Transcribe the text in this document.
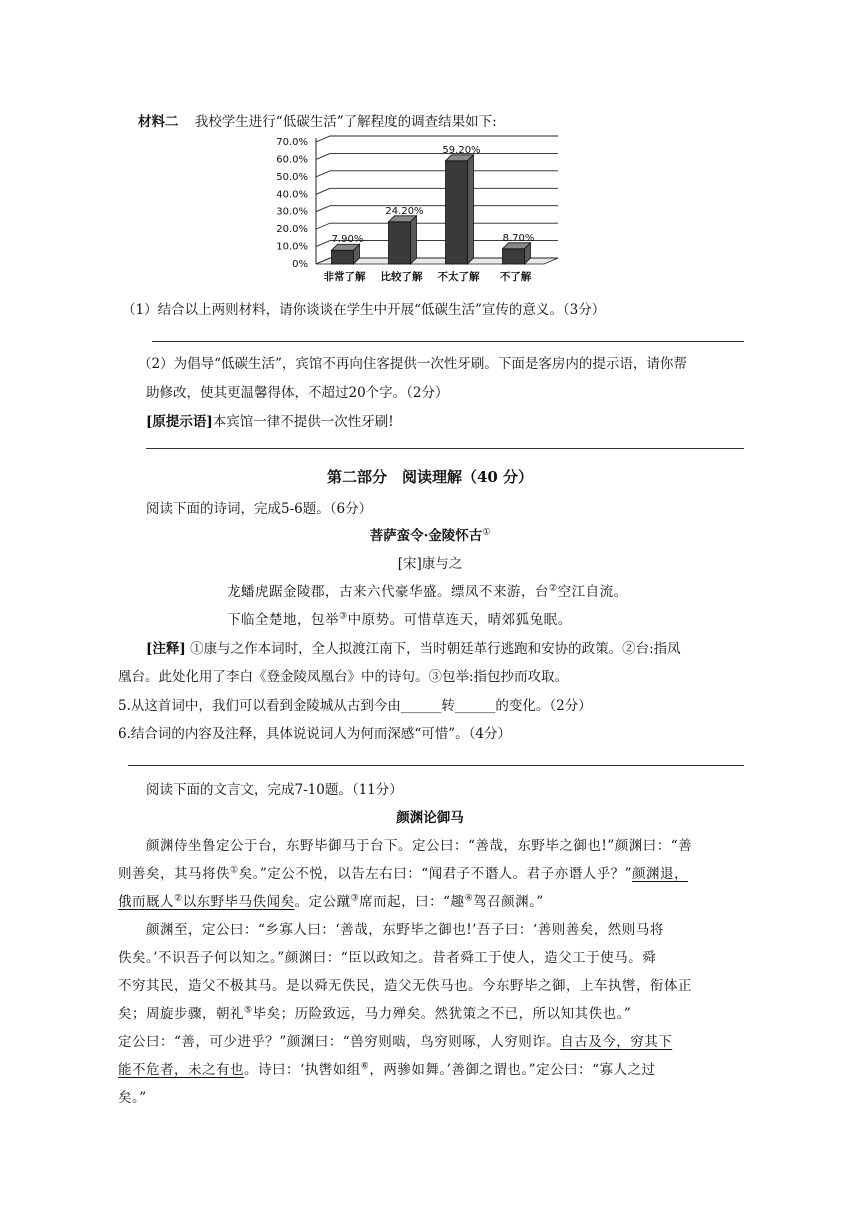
材料二 我校学生进行“低碳生活”了解程度的调查结果如下:
0%
10.0%
20.0%
30.0%
40.0%
50.0%
60.0%
70.0%
7.90%
非常了解
24.20%
比较了解
59.20%
不太了解
8.70%
不了解
（1）结合以上两则材料，请你谈谈在学生中开展“低碳生活”宣传的意义。（3分）
（2）为倡导“低碳生活”，宾馆不再向住客提供一次性牙刷。下面是客房内的提示语，请你帮
助修改，使其更温馨得体，不超过20个字。（2分）
[原提示语]本宾馆一律不提供一次性牙刷!
第二部分　阅读理解（40 分）
阅读下面的诗词，完成5-6题。（6分）
菩萨蛮令·金陵怀古①
[宋]康与之
龙蟠虎踞金陵郡，古来六代豪华盛。缥凤不来游，台②空江自流。
下临全楚地，包举③中原势。可惜草连天，晴郊狐兔眠。
[注释] ①康与之作本词时，全人拟渡江南下，当时朝廷革行逃跑和安协的政策。②台:指凤
凰台。此处化用了李白《登金陵凤凰台》中的诗句。③包举:指包抄而攻取。
5.从这首词中，我们可以看到金陵城从古到今由______转______的变化。（2分）
6.结合词的内容及注释，具体说说词人为何而深感“可惜”。（4分）
阅读下面的文言文，完成7-10题。（11分）
颜渊论御马
颜渊侍坐鲁定公于台，东野毕御马于台下。定公曰：“善哉，东野毕之御也!”颜渊曰：“善
则善矣，其马将佚①矣。”定公不悦，以告左右曰：“闻君子不谮人。君子亦谮人乎？”颜渊退，
俄而厩人②以东野毕马佚闻矣。定公蹴③席而起，曰：“趣④驾召颜渊。”
颜渊至，定公曰：“乡寡人曰：‘善哉，东野毕之御也!’吾子曰：‘善则善矣，然则马将
佚矣。’不识吾子何以知之。”颜渊曰：“臣以政知之。昔者舜工于使人，造父工于使马。舜
不穷其民，造父不极其马。是以舜无佚民，造父无佚马也。今东野毕之御，上车执辔，衔体正
矣；周旋步骤，朝礼⑤毕矣；历险致远，马力殚矣。然犹策之不已，所以知其佚也。”
定公曰：“善，可少进乎？”颜渊曰：“兽穷则啮，鸟穷则啄，人穷则诈。自古及今，穷其下
能不危者，未之有也。诗曰：‘执辔如组⑥，两骖如舞。’善御之谓也。”定公曰：“寡人之过
矣。”
